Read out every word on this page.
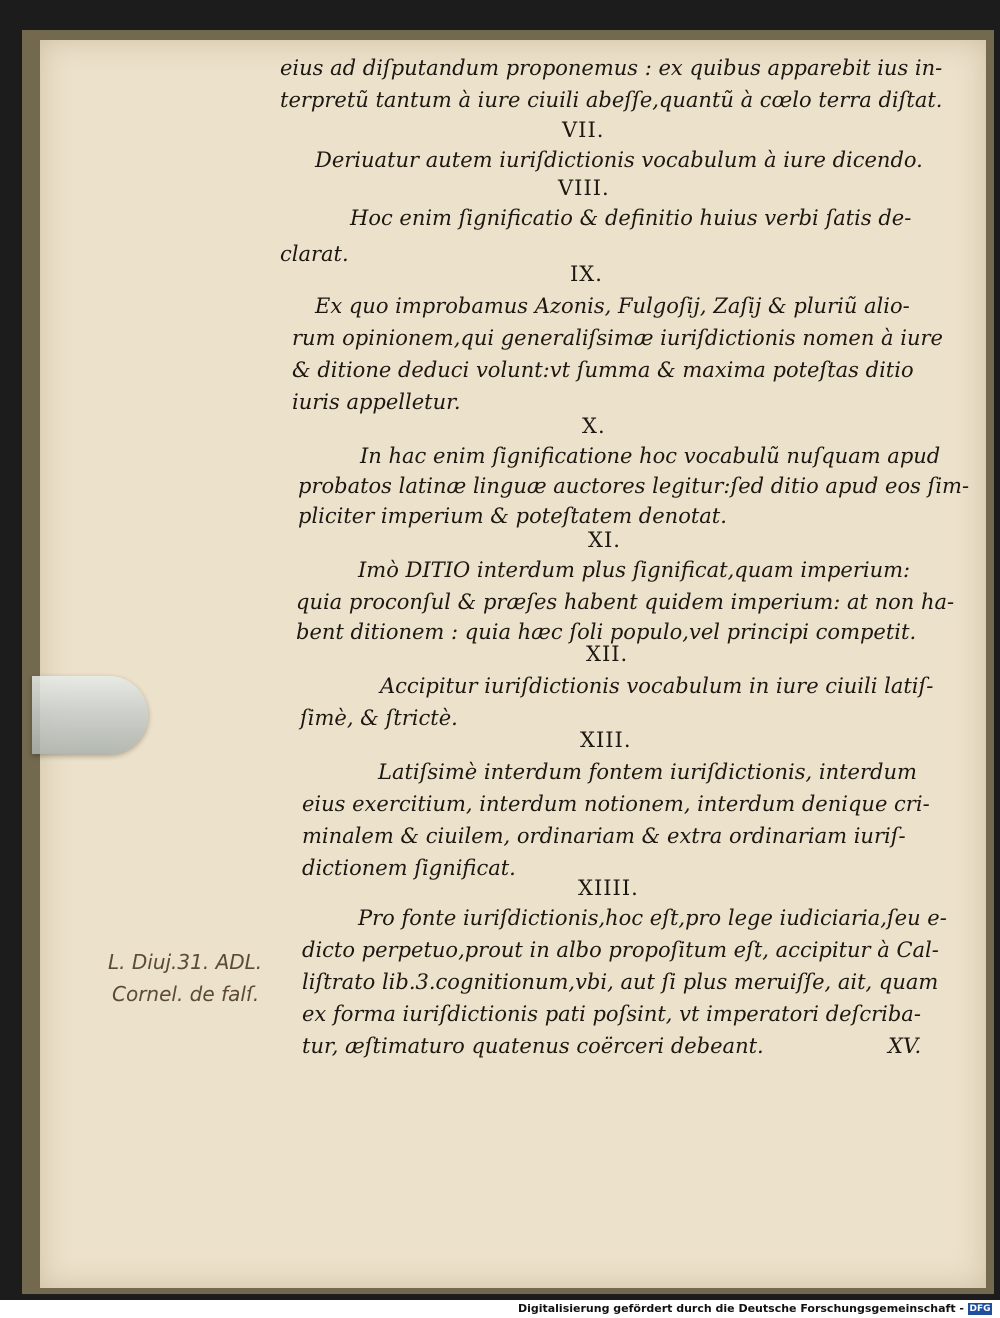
eius ad diſputandum proponemus : ex quibus apparebit ius in-
terpretũ tantum à iure ciuili abeſſe,quantũ à cœlo terra diſtat.
VII.
Deriuatur autem iuriſdictionis vocabulum à iure dicendo.
VIII.
Hoc enim ſignificatio & definitio huius verbi ſatis de-
clarat.
IX.
Ex quo improbamus Azonis, Fulgoſij, Zaſij & pluriũ alio-
rum opinionem,qui generaliſsimæ iuriſdictionis nomen à iure
& ditione deduci volunt:vt ſumma & maxima poteſtas ditio
iuris appelletur.
X.
In hac enim ſignificatione hoc vocabulũ nuſquam apud
probatos latinæ linguæ auctores legitur:ſed ditio apud eos ſim-
pliciter imperium & poteſtatem denotat.
XI.
Imò DITIO interdum plus ſignificat,quam imperium:
quia proconſul & præſes habent quidem imperium: at non ha-
bent ditionem : quia hæc ſoli populo,vel principi competit.
XII.
Accipitur iuriſdictionis vocabulum in iure ciuili latiſ-
ſimè, & ſtrictè.
XIII.
Latiſsimè interdum fontem iuriſdictionis, interdum
eius exercitium, interdum notionem, interdum denique cri-
minalem & ciuilem, ordinariam & extra ordinariam iuriſ-
dictionem ſignificat.
XIIII.
Pro fonte iuriſdictionis,hoc eſt,pro lege iudiciaria,ſeu e-
dicto perpetuo,prout in albo propoſitum eſt, accipitur à Cal-
liſtrato lib.3.cognitionum,vbi, aut ſi plus meruiſſe, ait, quam
ex forma iuriſdictionis pati poſsint, vt imperatori deſcriba-
tur, æſtimaturo quatenus coërceri debeant.	XV.
L. Diuj.31. ADL.
Cornel. de falſ.
Digitalisierung gefördert durch die Deutsche Forschungsgemeinschaft - DFG
